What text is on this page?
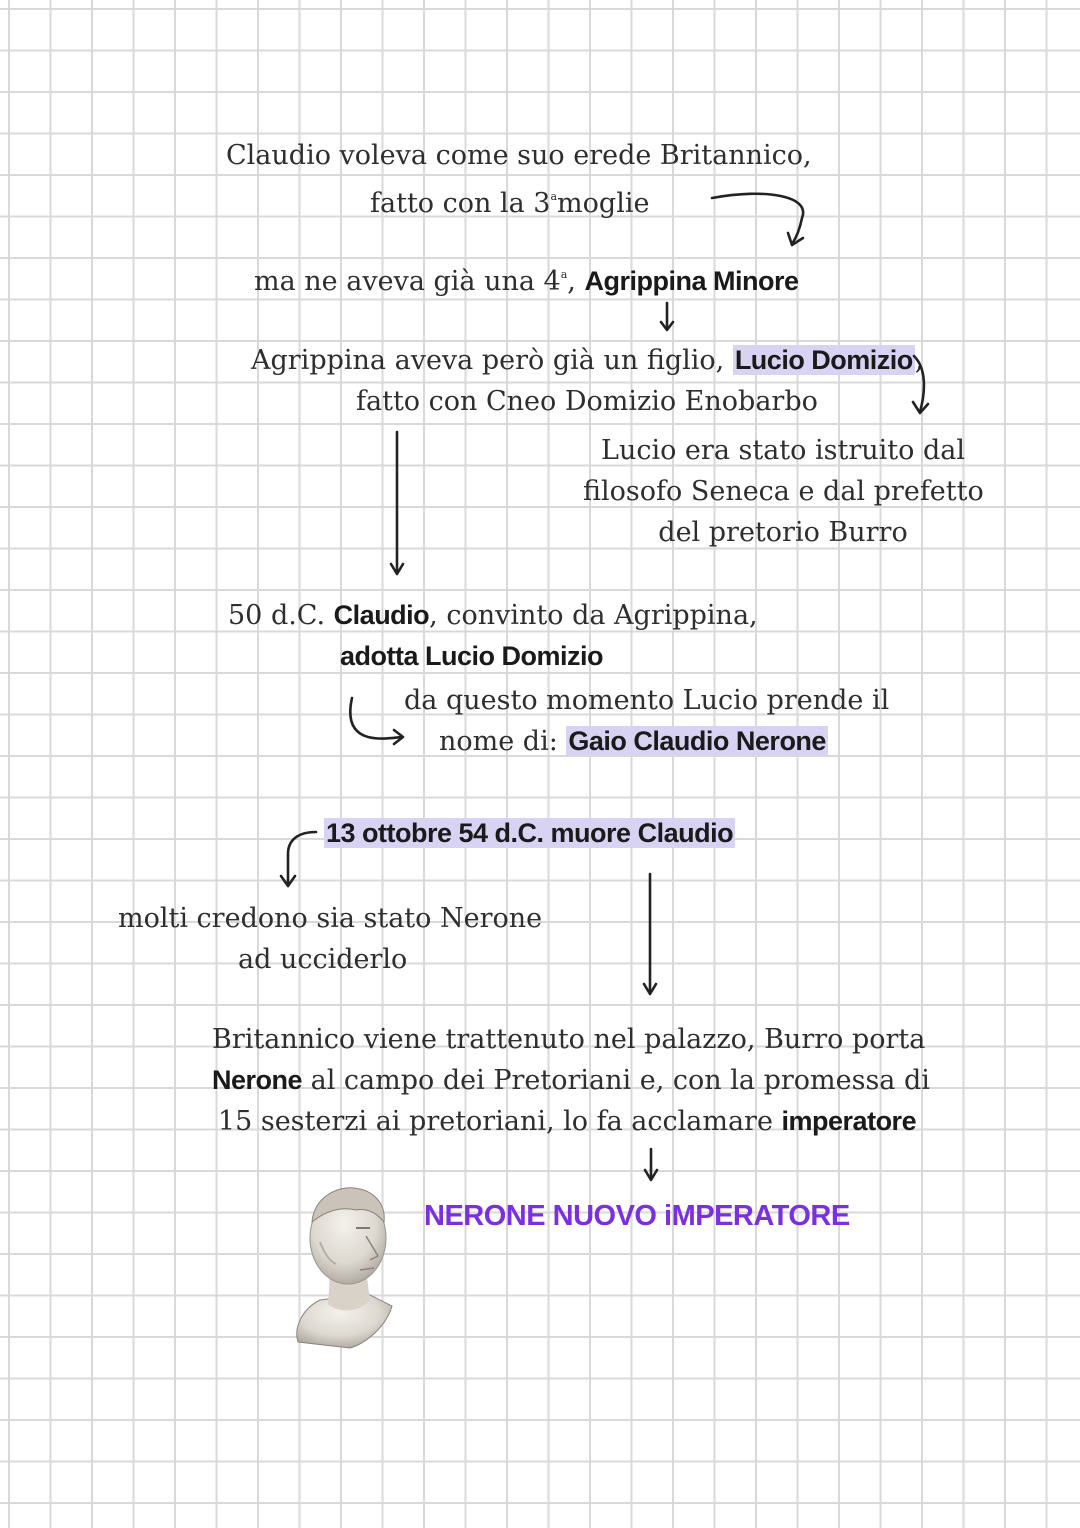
Claudio voleva come suo erede Britannico,

fatto con la 3$^a$moglie

ma ne aveva già una 4$^a$, Agrippina Minore

Agrippina aveva però già un figlio, Lucio Domizio,

fatto con Cneo Domizio Enobarbo

Lucio era stato istruito dal

filosofo Seneca e dal prefetto

del pretorio Burro

50 d.C. Claudio, convinto da Agrippina,

adotta Lucio Domizio

da questo momento Lucio prende il

nome di: Gaio Claudio Nerone

13 ottobre 54 d.C. muore Claudio

molti credono sia stato Nerone

ad ucciderlo

Britannico viene trattenuto nel palazzo, Burro porta

Nerone al campo dei Pretoriani e, con la promessa di

15 sesterzi ai pretoriani, lo fa acclamare imperatore

NERONE NUOVO iMPERATORE
